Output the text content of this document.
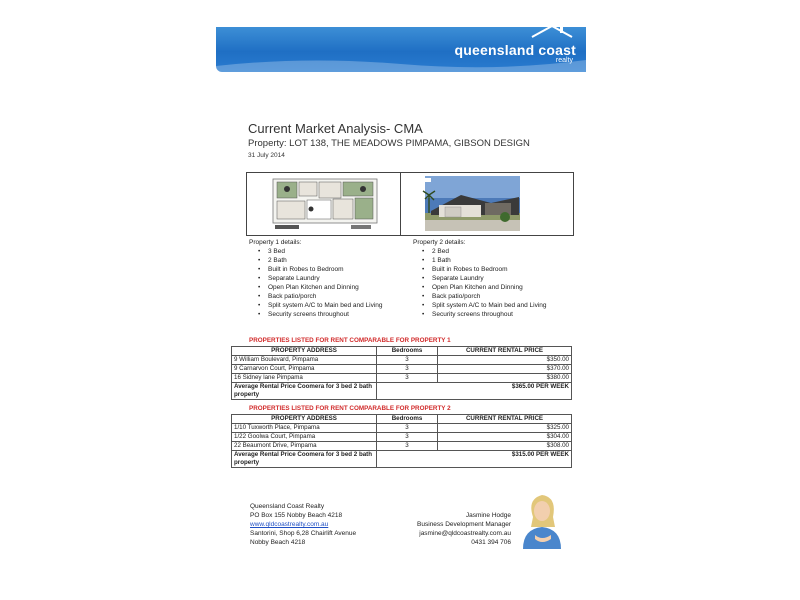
queensland coast
realty
Current Market Analysis- CMA
Property: LOT 138, THE MEADOWS PIMPAMA, GIBSON DESIGN
31 July 2014
Property 1 details:
• 3 Bed
• 2 Bath
• Built in Robes to Bedroom
• Separate Laundry
• Open Plan Kitchen and Dinning
• Back patio/porch
• Split system A/C to Main bed and Living
• Security screens throughout
Property 2 details:
• 2 Bed
• 1 Bath
• Built in Robes to Bedroom
• Separate Laundry
• Open Plan Kitchen and Dinning
• Back patio/porch
• Split system A/C to Main bed and Living
• Security screens throughout
PROPERTIES LISTED FOR RENT COMPARABLE FOR PROPERTY 1
PROPERTY ADDRESS	Bedrooms	CURRENT RENTAL PRICE
9 William Boulevard, Pimpama	3	$350.00
9 Carnarvon Court, Pimpama	3	$370.00
16 Sidney lane Pimpama	3	$380.00
Average Rental Price Coomera for 3 bed 2 bath property	$365.00 PER WEEK	
PROPERTIES LISTED FOR RENT COMPARABLE FOR PROPERTY 2
PROPERTY ADDRESS	Bedrooms	CURRENT RENTAL PRICE
1/10 Tuxworth Place, Pimpama	3	$325.00
1/22 Goolwa Court, Pimpama	3	$304.00
22 Beaumont Drive, Pimpama	3	$308.00
Average Rental Price Coomera for 3 bed 2 bath property	$315.00 PER WEEK	
Queensland Coast Realty
PO Box 155 Nobby Beach 4218
www.qldcoastrealty.com.au
Santorini, Shop 6,28 Chairlift Avenue
Nobby Beach 4218
Jasmine Hodge
Business Development Manager
jasmine@qldcoastrealty.com.au
0431 394 706
